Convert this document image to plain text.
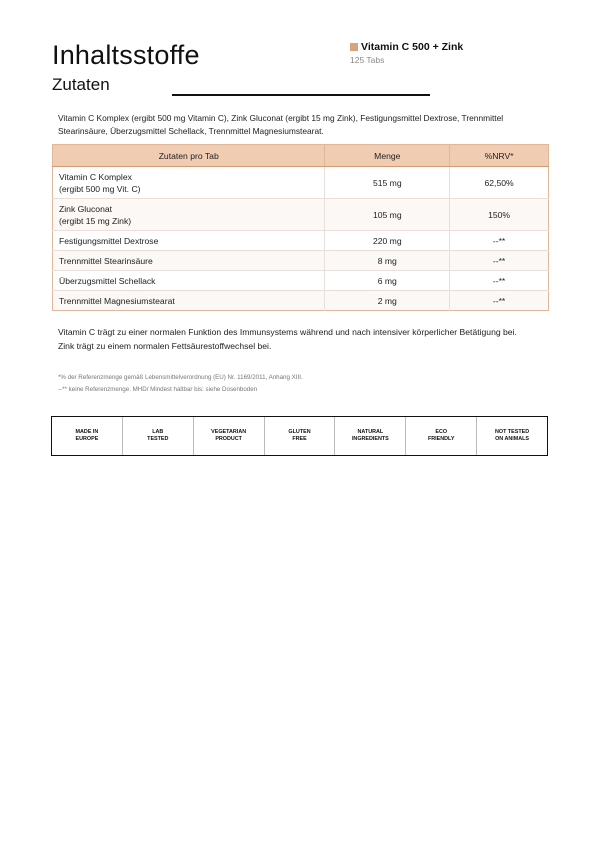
Inhaltsstoffe
Zutaten
Vitamin C 500 + Zink
125 Tabs
Vitamin C Komplex (ergibt 500 mg Vitamin C), Zink Gluconat (ergibt 15 mg Zink), Festigungsmittel Dextrose, Trennmittel Stearinsäure, Überzugsmittel Schellack, Trennmittel Magnesiumstearat.
Zutaten pro Tab	Menge	%NRV*
Vitamin C Komplex
(ergibt 500 mg Vit. C)	515 mg	62,50%
Zink Gluconat
(ergibt 15 mg Zink)	105 mg	150%
Festigungsmittel Dextrose	220 mg	--**
Trennmittel Stearinsäure	8 mg	--**
Überzugsmittel Schellack	6 mg	--**
Trennmittel Magnesiumstearat	2 mg	--**
Vitamin C trägt zu einer normalen Funktion des Immunsystems während und nach intensiver körperlicher Betätigung bei.
Zink trägt zu einem normalen Fettsäurestoffwechsel bei.
*% der Referenzmenge gemäß Lebensmittelverordnung (EU) Nr. 1169/2011, Anhang XIII.
--** keine Referenzmenge. MHD/ Mindest haltbar bis: siehe Dosenboden
MADE IN
EUROPE
LAB
TESTED
VEGETARIAN
PRODUCT
GLUTEN
FREE
NATURAL
INGREDIENTS
ECO
FRIENDLY
NOT TESTED
ON ANIMALS
